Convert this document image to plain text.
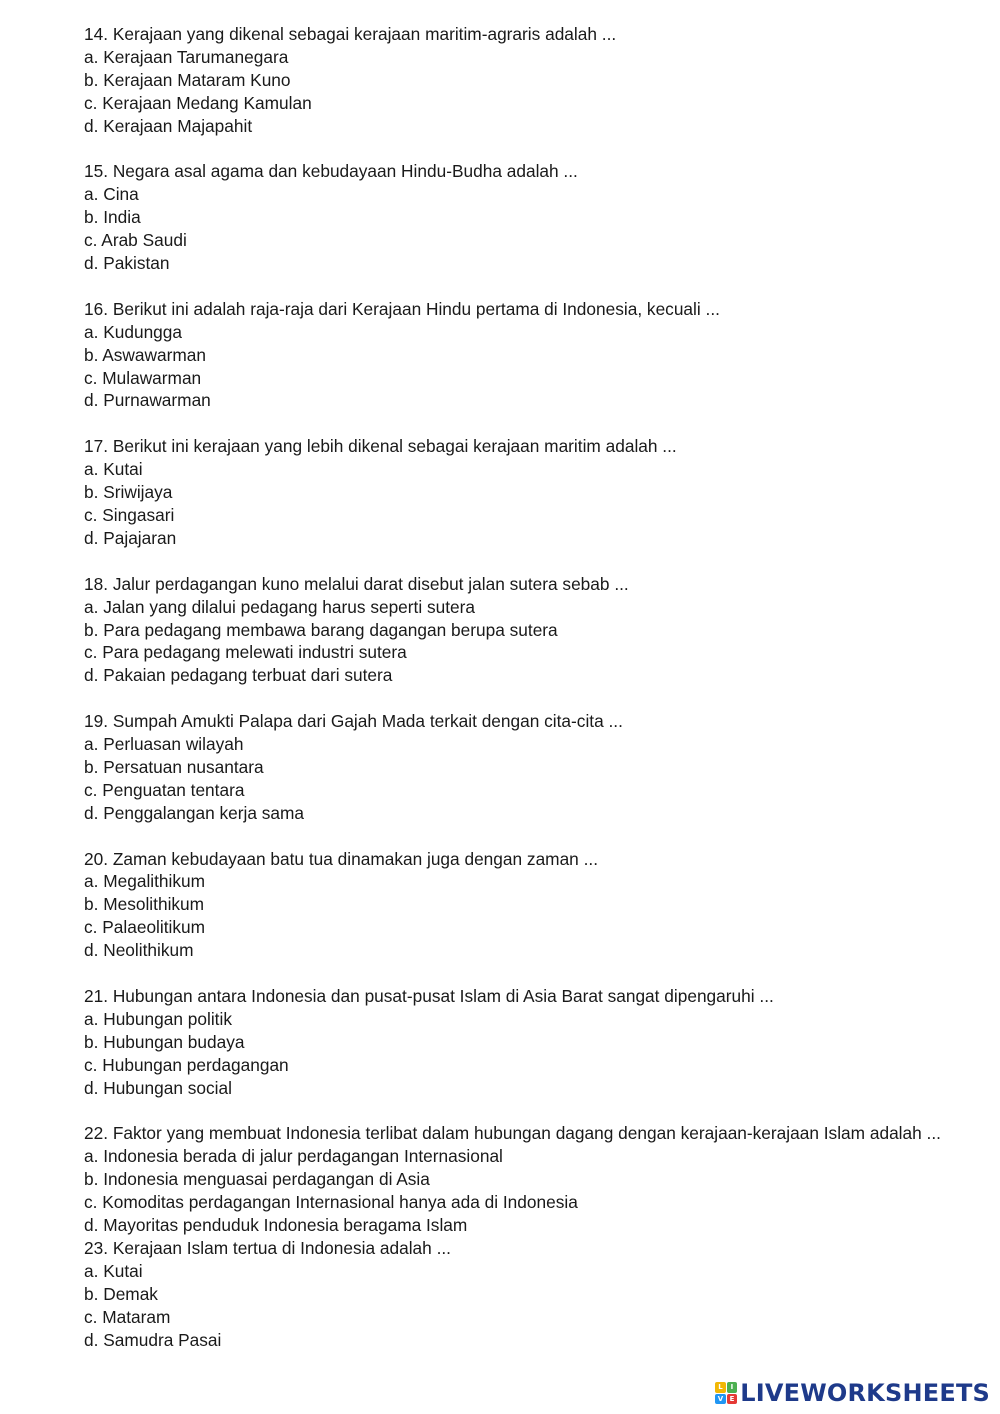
14. Kerajaan yang dikenal sebagai kerajaan maritim-agraris adalah ...
a. Kerajaan Tarumanegara
b. Kerajaan Mataram Kuno
c. Kerajaan Medang Kamulan
d. Kerajaan Majapahit
15. Negara asal agama dan kebudayaan Hindu-Budha adalah ...
a. Cina
b. India
c. Arab Saudi
d. Pakistan
16. Berikut ini adalah raja-raja dari Kerajaan Hindu pertama di Indonesia, kecuali ...
a. Kudungga
b. Aswawarman
c. Mulawarman
d. Purnawarman
17. Berikut ini kerajaan yang lebih dikenal sebagai kerajaan maritim adalah ...
a. Kutai
b. Sriwijaya
c. Singasari
d. Pajajaran
18. Jalur perdagangan kuno melalui darat disebut jalan sutera sebab ...
a. Jalan yang dilalui pedagang harus seperti sutera
b. Para pedagang membawa barang dagangan berupa sutera
c. Para pedagang melewati industri sutera
d. Pakaian pedagang terbuat dari sutera
19. Sumpah Amukti Palapa dari Gajah Mada terkait dengan cita-cita ...
a. Perluasan wilayah
b. Persatuan nusantara
c. Penguatan tentara
d. Penggalangan kerja sama
20. Zaman kebudayaan batu tua dinamakan juga dengan zaman ...
a. Megalithikum
b. Mesolithikum
c. Palaeolitikum
d. Neolithikum
21. Hubungan antara Indonesia dan pusat-pusat Islam di Asia Barat sangat dipengaruhi ...
a. Hubungan politik
b. Hubungan budaya
c. Hubungan perdagangan
d. Hubungan social
22. Faktor yang membuat Indonesia terlibat dalam hubungan dagang dengan kerajaan-kerajaan Islam adalah ...
a. Indonesia berada di jalur perdagangan Internasional
b. Indonesia menguasai perdagangan di Asia
c. Komoditas perdagangan Internasional hanya ada di Indonesia
d. Mayoritas penduduk Indonesia beragama Islam
23. Kerajaan Islam tertua di Indonesia adalah ...
a. Kutai
b. Demak
c. Mataram
d. Samudra Pasai
L	I
V E LIVEWORKSHEETS
